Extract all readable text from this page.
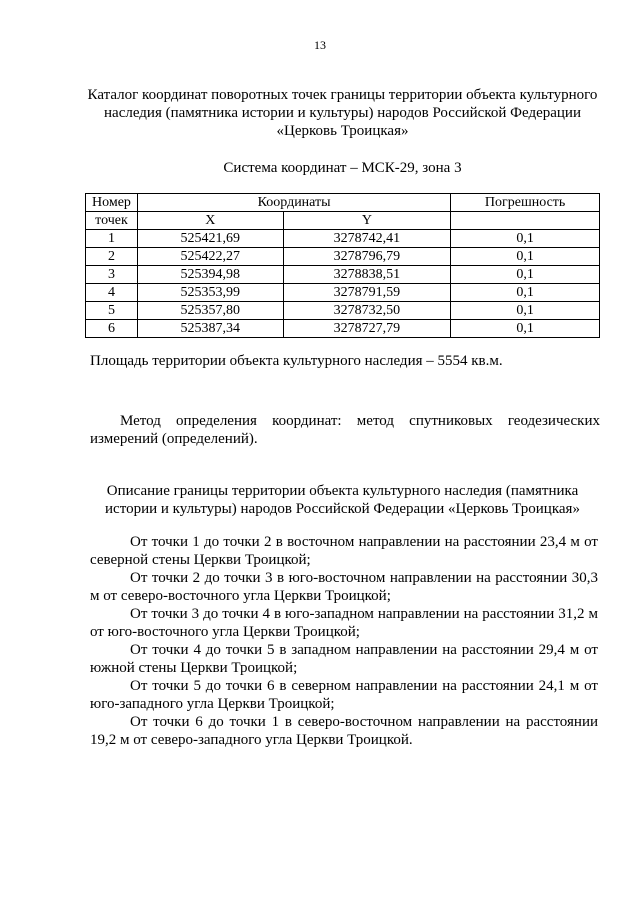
13
Каталог координат поворотных точек границы территории объекта культурного наследия (памятника истории и культуры) народов Российской Федерации «Церковь Троицкая»
Система координат – МСК-29, зона 3
Номер	Координаты		Погрешность
точек	X	Y	
1	525421,69	3278742,41	0,1
2	525422,27	3278796,79	0,1
3	525394,98	3278838,51	0,1
4	525353,99	3278791,59	0,1
5	525357,80	3278732,50	0,1
6	525387,34	3278727,79	0,1
Площадь территории объекта культурного наследия – 5554 кв.м.
Метод определения координат: метод спутниковых геодезических измерений (определений).
Описание границы территории объекта культурного наследия (памятника истории и культуры) народов Российской Федерации «Церковь Троицкая»

От точки 1 до точки 2 в восточном направлении на расстоянии 23,4 м от северной стены Церкви Троицкой;

От точки 2 до точки 3 в юго-восточном направлении на расстоянии 30,3 м от северо-восточного угла Церкви Троицкой;

От точки 3 до точки 4 в юго-западном направлении на расстоянии 31,2 м от юго-восточного угла Церкви Троицкой;

От точки 4 до точки 5 в западном направлении на расстоянии 29,4 м от южной стены Церкви Троицкой;

От точки 5 до точки 6 в северном направлении на расстоянии 24,1 м от юго-западного угла Церкви Троицкой;

От точки 6 до точки 1 в северо-восточном направлении на расстоянии 19,2 м от северо-западного угла Церкви Троицкой.
